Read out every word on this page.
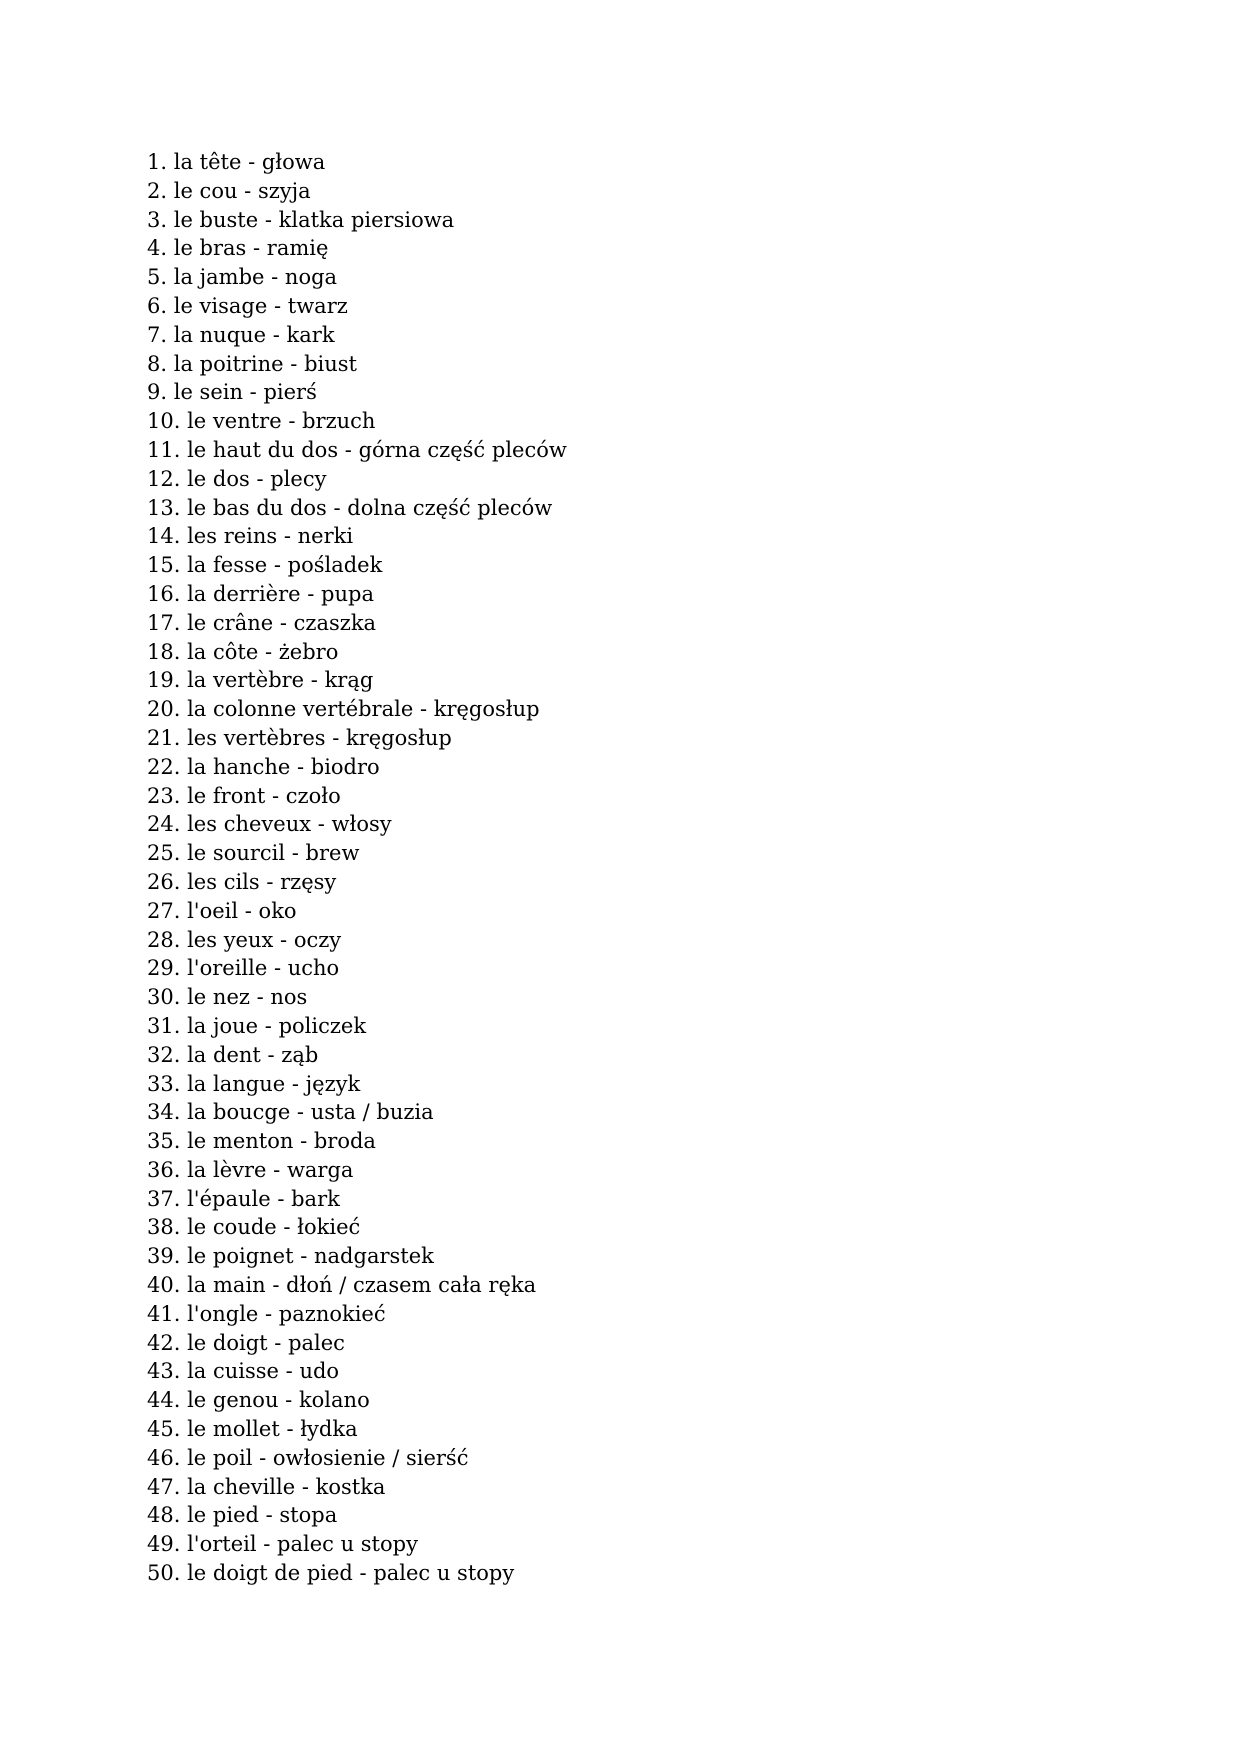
1 . la tête - głowa
2 . le cou - szyja
3 . le buste - klatka piersiowa
4 . le bras - ramię
5 . la jambe - noga
6 . le visage - twarz
7 . la nuque - kark
8 . la poitrine - biust
9 . le sein - pierś
10 . le ventre - brzuch
11 . le haut du dos - górna część pleców
12 . le dos - plecy
13 . le bas du dos - dolna część pleców
14 . les reins - nerki
15 . la fesse - pośladek
16 . la derrière - pupa
17 . le crâne - czaszka
18 . la côte - żebro
19 . la vertèbre - krąg
20 . la colonne vertébrale - kręgosłup
21 . les vertèbres - kręgosłup
22 . la hanche - biodro
23 . le front - czoło
24 . les cheveux - włosy
25 . le sourcil - brew
26 . les cils - rzęsy
27 . l'oeil - oko
28 . les yeux - oczy
29 . l'oreille - ucho
30 . le nez - nos
31 . la joue - policzek
32 . la dent - ząb
33 . la langue - język
34 . la boucge - usta / buzia
35 . le menton - broda
36 . la lèvre - warga
37 . l'épaule - bark
38 . le coude - łokieć
39 . le poignet - nadgarstek
40 . la main - dłoń / czasem cała ręka
41 . l'ongle - paznokieć
42 . le doigt - palec
43 . la cuisse - udo
44 . le genou - kolano
45 . le mollet - łydka
46 . le poil - owłosienie / sierść
47 . la cheville - kostka
48 . le pied - stopa
49 . l'orteil - palec u stopy
50 . le doigt de pied - palec u stopy
